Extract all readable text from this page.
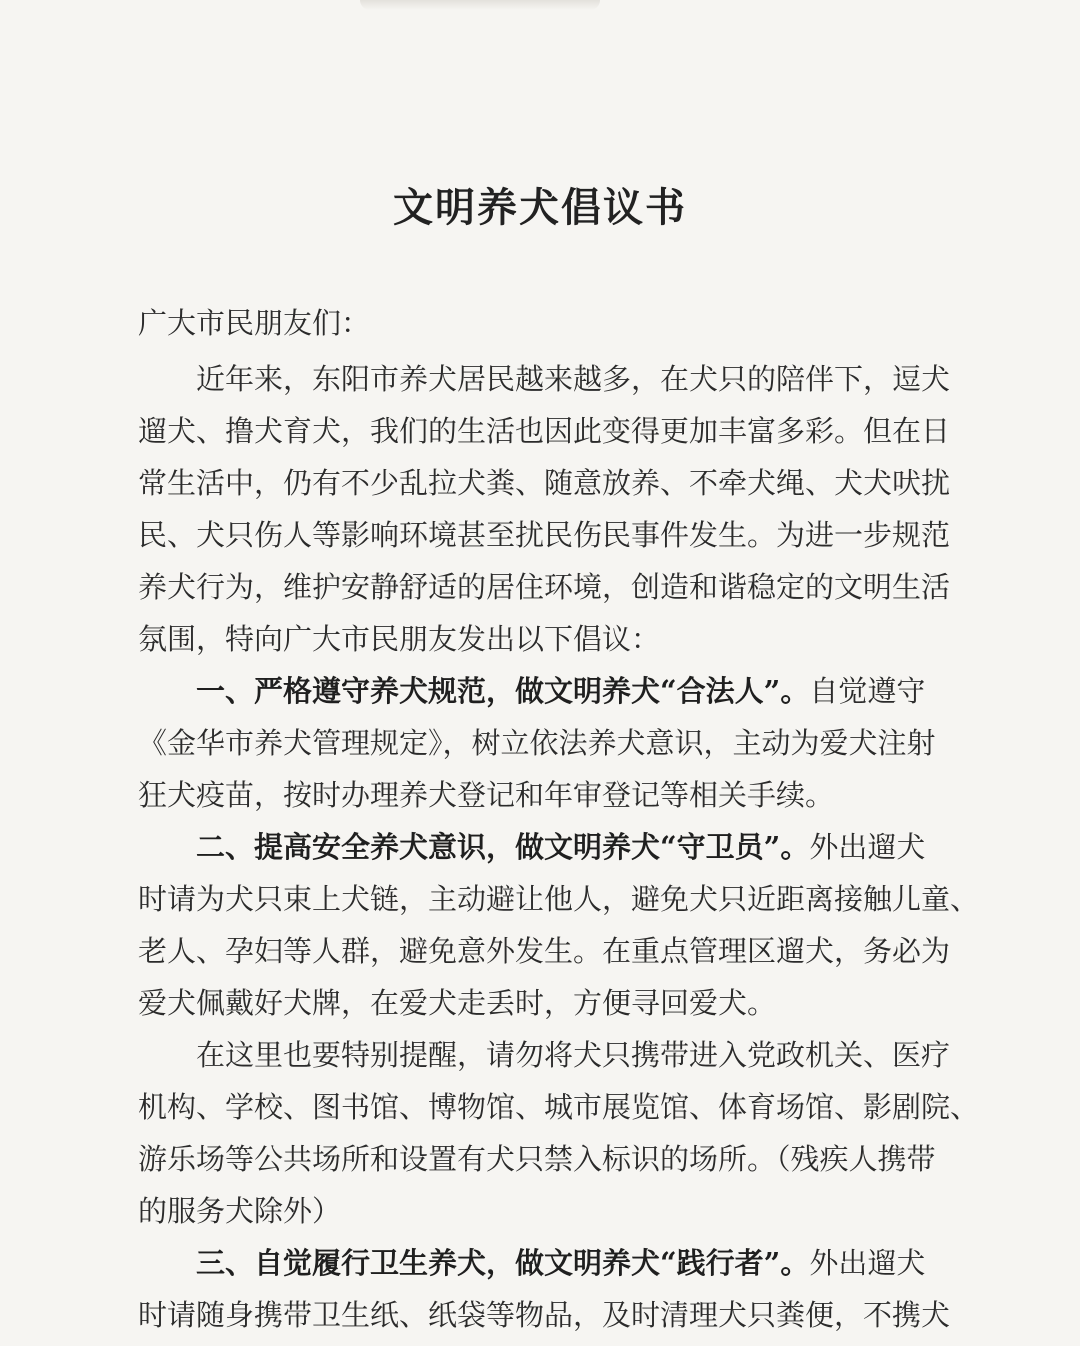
文明养犬倡议书
广大市民朋友们：
近年来，东阳市养犬居民越来越多，在犬只的陪伴下，逗犬
遛犬、撸犬育犬，我们的生活也因此变得更加丰富多彩。但在日
常生活中，仍有不少乱拉犬粪、随意放养、不牵犬绳、犬犬吠扰
民、犬只伤人等影响环境甚至扰民伤民事件发生。为进一步规范
养犬行为，维护安静舒适的居住环境，创造和谐稳定的文明生活
氛围，特向广大市民朋友发出以下倡议：
一、严格遵守养犬规范，做文明养犬“合法人”。自觉遵守
《金华市养犬管理规定》，树立依法养犬意识，主动为爱犬注射
狂犬疫苗，按时办理养犬登记和年审登记等相关手续。
二、提高安全养犬意识，做文明养犬“守卫员”。外出遛犬
时请为犬只束上犬链，主动避让他人，避免犬只近距离接触儿童、
老人、孕妇等人群，避免意外发生。在重点管理区遛犬，务必为
爱犬佩戴好犬牌，在爱犬走丢时，方便寻回爱犬。
在这里也要特别提醒，请勿将犬只携带进入党政机关、医疗
机构、学校、图书馆、博物馆、城市展览馆、体育场馆、影剧院、
游乐场等公共场所和设置有犬只禁入标识的场所。（残疾人携带
的服务犬除外）
三、自觉履行卫生养犬，做文明养犬“践行者”。外出遛犬
时请随身携带卫生纸、纸袋等物品，及时清理犬只粪便，不携犬
